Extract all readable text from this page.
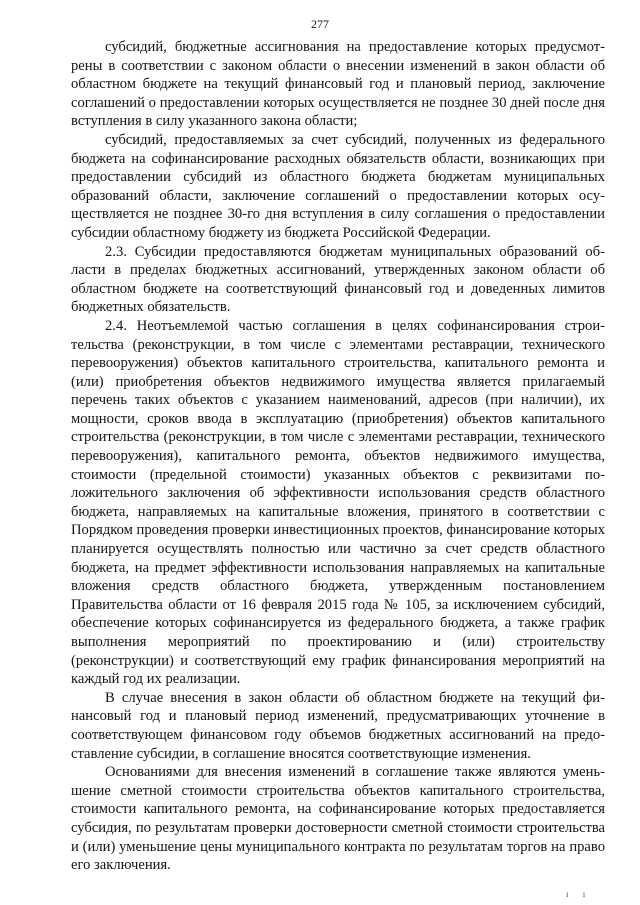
277

субсидий, бюджетные ассигнования на предоставление которых предусмотрены в соответствии с законом области о внесении изменений в закон области об областном бюджете на текущий финансовый год и плановый период, заключение соглашений о предоставлении которых осуществляется не позднее 30 дней после дня вступления в силу указанного закона области;

субсидий, предоставляемых за счет субсидий, полученных из федерального бюджета на софинансирование расходных обязательств области, возникающих при предоставлении субсидий из областного бюджета бюджетам муниципальных образований области, заключение соглашений о предоставлении которых осуществляется не позднее 30-го дня вступления в силу соглашения о предоставлении субсидии областному бюджету из бюджета Российской Федерации.

2.3. Субсидии предоставляются бюджетам муниципальных образований области в пределах бюджетных ассигнований, утвержденных законом области об областном бюджете на соответствующий финансовый год и доведенных лимитов бюджетных обязательств.

2.4. Неотъемлемой частью соглашения в целях софинансирования строительства (реконструкции, в том числе с элементами реставрации, технического перевооружения) объектов капитального строительства, капитального ремонта и (или) приобретения объектов недвижимого имущества является прилагаемый перечень таких объектов с указанием наименований, адресов (при наличии), их мощности, сроков ввода в эксплуатацию (приобретения) объектов капитального строительства (реконструкции, в том числе с элементами реставрации, технического перевооружения), капитального ремонта, объектов недвижимого имущества, стоимости (предельной стоимости) указанных объектов с реквизитами положительного заключения об эффективности использования средств областного бюджета, направляемых на капитальные вложения, принятого в соответствии с Порядком проведения проверки инвестиционных проектов, финансирование которых планируется осуществлять полностью или частично за счет средств областного бюджета, на предмет эффективности использования направляемых на капитальные вложения средств областного бюджета, утвержденным постановлением Правительства области от 16 февраля 2015 года № 105, за исключением субсидий, обеспечение которых софинансируется из федерального бюджета, а также график выполнения мероприятий по проектированию и (или) строительству (реконструкции) и соответствующий ему график финансирования мероприятий на каждый год их реализации.

В случае внесения в закон области об областном бюджете на текущий финансовый год и плановый период изменений, предусматривающих уточнение в соответствующем финансовом году объемов бюджетных ассигнований на предоставление субсидии, в соглашение вносятся соответствующие изменения.

Основаниями для внесения изменений в соглашение также являются уменьшение сметной стоимости строительства объектов капитального строительства, стоимости капитального ремонта, на софинансирование которых предоставляется субсидия, по результатам проверки достоверности сметной стоимости строительства и (или) уменьшение цены муниципального контракта по результатам торгов на право его заключения.

ı ı
